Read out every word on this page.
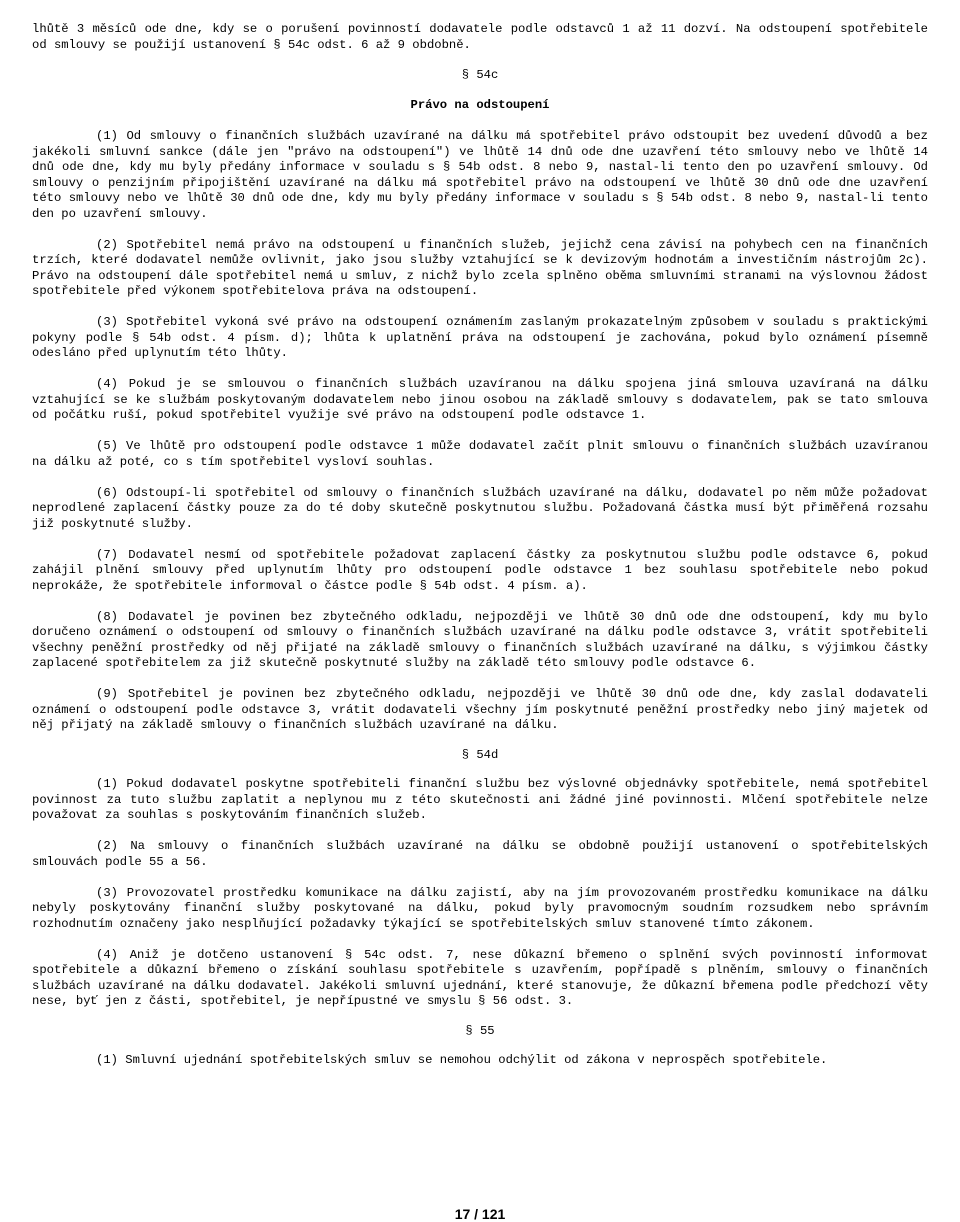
lhůtě 3 měsíců ode dne, kdy se o porušení povinností dodavatele podle odstavců 1 až 11 dozví. Na odstoupení spotřebitele od smlouvy se použijí ustanovení § 54c odst. 6 až 9 obdobně.

§ 54c
Právo na odstoupení

(1) Od smlouvy o finančních službách uzavírané na dálku má spotřebitel právo odstoupit bez uvedení důvodů a bez jakékoli smluvní sankce (dále jen "právo na odstoupení") ve lhůtě 14 dnů ode dne uzavření této smlouvy nebo ve lhůtě 14 dnů ode dne, kdy mu byly předány informace v souladu s § 54b odst. 8 nebo 9, nastal-li tento den po uzavření smlouvy. Od smlouvy o penzijním připojištění uzavírané na dálku má spotřebitel právo na odstoupení ve lhůtě 30 dnů ode dne uzavření této smlouvy nebo ve lhůtě 30 dnů ode dne, kdy mu byly předány informace v souladu s § 54b odst. 8 nebo 9, nastal-li tento den po uzavření smlouvy.

(2) Spotřebitel nemá právo na odstoupení u finančních služeb, jejichž cena závisí na pohybech cen na finančních trzích, které dodavatel nemůže ovlivnit, jako jsou služby vztahující se k devizovým hodnotám a investičním nástrojům 2c). Právo na odstoupení dále spotřebitel nemá u smluv, z nichž bylo zcela splněno oběma smluvními stranami na výslovnou žádost spotřebitele před výkonem spotřebitelova práva na odstoupení.

(3) Spotřebitel vykoná své právo na odstoupení oznámením zaslaným prokazatelným způsobem v souladu s praktickými pokyny podle § 54b odst. 4 písm. d); lhůta k uplatnění práva na odstoupení je zachována, pokud bylo oznámení písemně odesláno před uplynutím této lhůty.

(4) Pokud je se smlouvou o finančních službách uzavíranou na dálku spojena jiná smlouva uzavíraná na dálku vztahující se ke službám poskytovaným dodavatelem nebo jinou osobou na základě smlouvy s dodavatelem, pak se tato smlouva od počátku ruší, pokud spotřebitel využije své právo na odstoupení podle odstavce 1.

(5) Ve lhůtě pro odstoupení podle odstavce 1 může dodavatel začít plnit smlouvu o finančních službách uzavíranou na dálku až poté, co s tím spotřebitel vysloví souhlas.

(6) Odstoupí-li spotřebitel od smlouvy o finančních službách uzavírané na dálku, dodavatel po něm může požadovat neprodlené zaplacení částky pouze za do té doby skutečně poskytnutou službu. Požadovaná částka musí být přiměřená rozsahu již poskytnuté služby.

(7) Dodavatel nesmí od spotřebitele požadovat zaplacení částky za poskytnutou službu podle odstavce 6, pokud zahájil plnění smlouvy před uplynutím lhůty pro odstoupení podle odstavce 1 bez souhlasu spotřebitele nebo pokud neprokáže, že spotřebitele informoval o částce podle § 54b odst. 4 písm. a).

(8) Dodavatel je povinen bez zbytečného odkladu, nejpozději ve lhůtě 30 dnů ode dne odstoupení, kdy mu bylo doručeno oznámení o odstoupení od smlouvy o finančních službách uzavírané na dálku podle odstavce 3, vrátit spotřebiteli všechny peněžní prostředky od něj přijaté na základě smlouvy o finančních službách uzavírané na dálku, s výjimkou částky zaplacené spotřebitelem za již skutečně poskytnuté služby na základě této smlouvy podle odstavce 6.

(9) Spotřebitel je povinen bez zbytečného odkladu, nejpozději ve lhůtě 30 dnů ode dne, kdy zaslal dodavateli oznámení o odstoupení podle odstavce 3, vrátit dodavateli všechny jím poskytnuté peněžní prostředky nebo jiný majetek od něj přijatý na základě smlouvy o finančních službách uzavírané na dálku.

§ 54d

(1) Pokud dodavatel poskytne spotřebiteli finanční službu bez výslovné objednávky spotřebitele, nemá spotřebitel povinnost za tuto službu zaplatit a neplynou mu z této skutečnosti ani žádné jiné povinnosti. Mlčení spotřebitele nelze považovat za souhlas s poskytováním finančních služeb.

(2) Na smlouvy o finančních službách uzavírané na dálku se obdobně použijí ustanovení o spotřebitelských smlouvách podle 55 a 56.

(3) Provozovatel prostředku komunikace na dálku zajistí, aby na jím provozovaném prostředku komunikace na dálku nebyly poskytovány finanční služby poskytované na dálku, pokud byly pravomocným soudním rozsudkem nebo správním rozhodnutím označeny jako nesplňující požadavky týkající se spotřebitelských smluv stanovené tímto zákonem.

(4) Aniž je dotčeno ustanovení § 54c odst. 7, nese důkazní břemeno o splnění svých povinností informovat spotřebitele a důkazní břemeno o získání souhlasu spotřebitele s uzavřením, popřípadě s plněním, smlouvy o finančních službách uzavírané na dálku dodavatel. Jakékoli smluvní ujednání, které stanovuje, že důkazní břemena podle předchozí věty nese, byť jen z části, spotřebitel, je nepřípustné ve smyslu § 56 odst. 3.

§ 55

(1) Smluvní ujednání spotřebitelských smluv se nemohou odchýlit od zákona v neprospěch spotřebitele.

17 / 121
